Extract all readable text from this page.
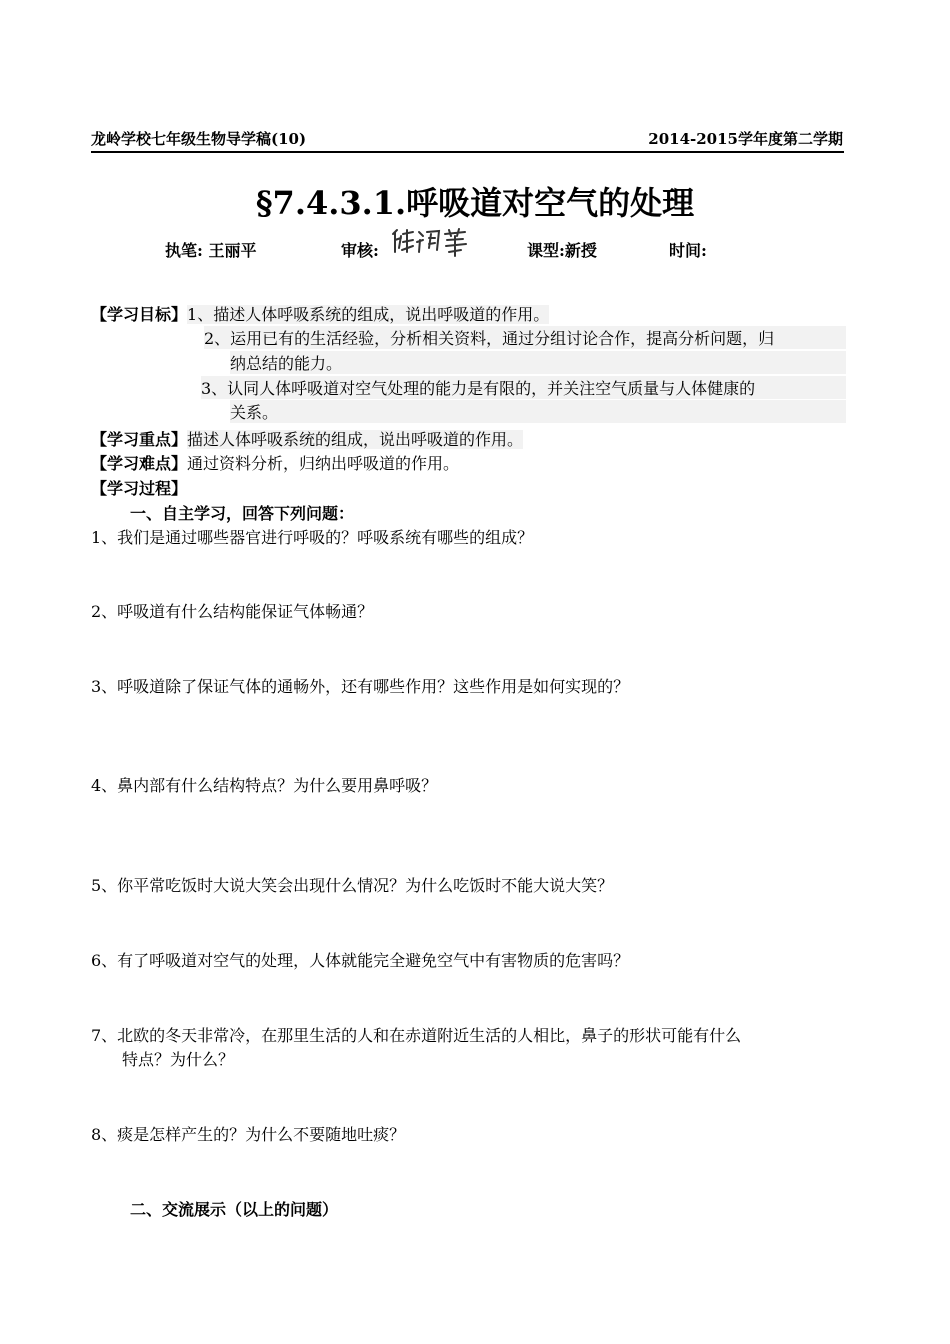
龙岭学校七年级生物导学稿(10)	2014-2015学年度第二学期
§7.4.3.1.呼吸道对空气的处理
执笔: 王丽平	审核:	课型:新授	时间:
【学习目标】1、描述人体呼吸系统的组成，说出呼吸道的作用。
2、运用已有的生活经验，分析相关资料，通过分组讨论合作，提高分析问题，归
纳总结的能力。
3、认同人体呼吸道对空气处理的能力是有限的，并关注空气质量与人体健康的
关系。
【学习重点】描述人体呼吸系统的组成，说出呼吸道的作用。
【学习难点】通过资料分析，归纳出呼吸道的作用。
【学习过程】
一、自主学习，回答下列问题：
1、我们是通过哪些器官进行呼吸的？呼吸系统有哪些的组成？
2、呼吸道有什么结构能保证气体畅通？
3、呼吸道除了保证气体的通畅外，还有哪些作用？这些作用是如何实现的？
4、鼻内部有什么结构特点？为什么要用鼻呼吸？
5、你平常吃饭时大说大笑会出现什么情况？为什么吃饭时不能大说大笑？
6、有了呼吸道对空气的处理，人体就能完全避免空气中有害物质的危害吗？
7、北欧的冬天非常冷，在那里生活的人和在赤道附近生活的人相比，鼻子的形状可能有什么
特点？为什么？
8、痰是怎样产生的？为什么不要随地吐痰？
二、交流展示（以上的问题）
